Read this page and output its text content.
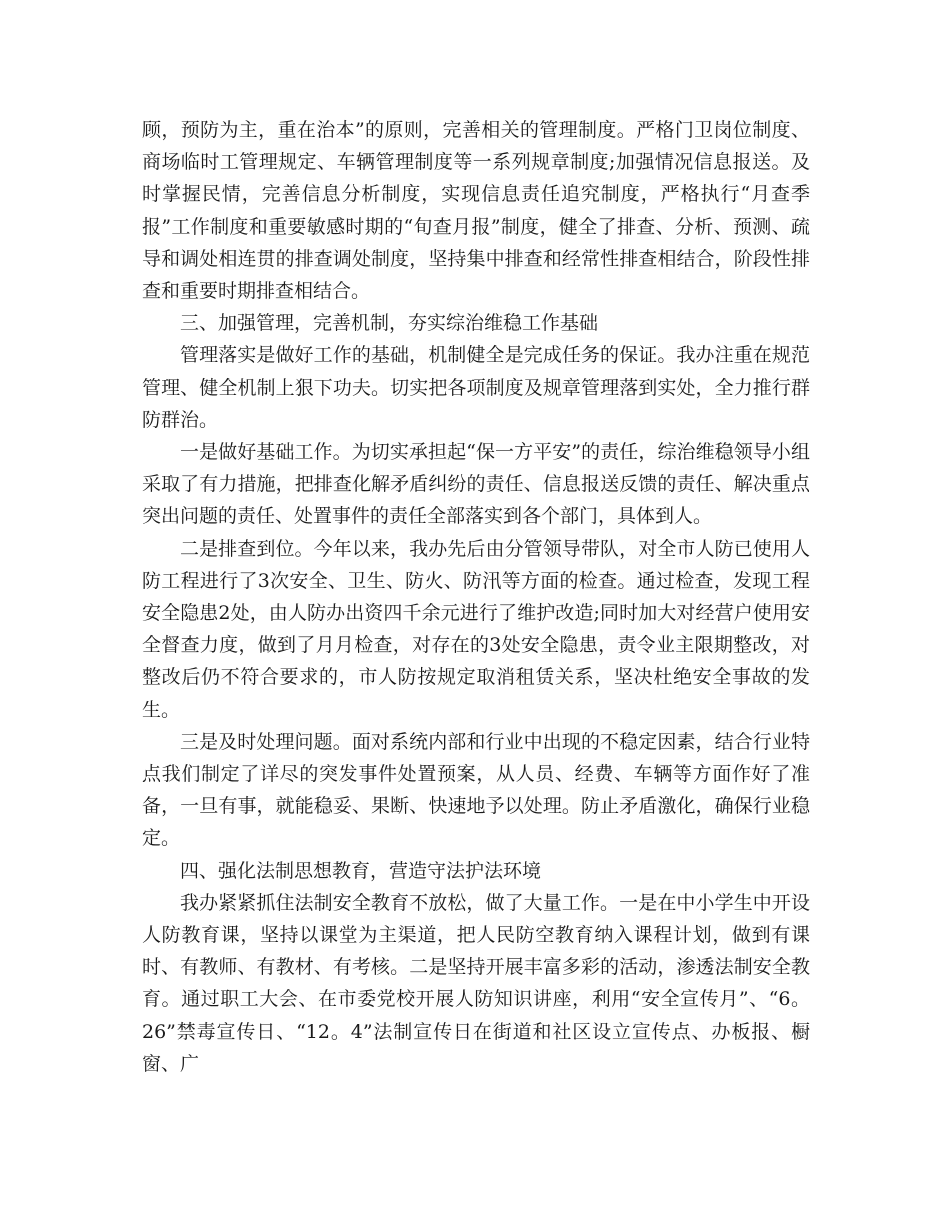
顾，预防为主，重在治本”的原则，完善相关的管理制度。严格门卫岗位制度、商场临时工管理规定、车辆管理制度等一系列规章制度;加强情况信息报送。及时掌握民情，完善信息分析制度，实现信息责任追究制度，严格执行“月查季报”工作制度和重要敏感时期的“旬查月报”制度，健全了排查、分析、预测、疏导和调处相连贯的排查调处制度，坚持集中排查和经常性排查相结合，阶段性排查和重要时期排查相结合。

三、加强管理，完善机制，夯实综治维稳工作基础

管理落实是做好工作的基础，机制健全是完成任务的保证。我办注重在规范管理、健全机制上狠下功夫。切实把各项制度及规章管理落到实处，全力推行群防群治。

一是做好基础工作。为切实承担起“保一方平安”的责任，综治维稳领导小组采取了有力措施，把排查化解矛盾纠纷的责任、信息报送反馈的责任、解决重点突出问题的责任、处置事件的责任全部落实到各个部门，具体到人。

二是排查到位。今年以来，我办先后由分管领导带队，对全市人防已使用人防工程进行了3次安全、卫生、防火、防汛等方面的检查。通过检查，发现工程安全隐患2处，由人防办出资四千余元进行了维护改造;同时加大对经营户使用安全督查力度，做到了月月检查，对存在的3处安全隐患，责令业主限期整改，对整改后仍不符合要求的，市人防按规定取消租赁关系，坚决杜绝安全事故的发生。

三是及时处理问题。面对系统内部和行业中出现的不稳定因素，结合行业特点我们制定了详尽的突发事件处置预案，从人员、经费、车辆等方面作好了准备，一旦有事，就能稳妥、果断、快速地予以处理。防止矛盾激化，确保行业稳定。

四、强化法制思想教育，营造守法护法环境

我办紧紧抓住法制安全教育不放松，做了大量工作。一是在中小学生中开设人防教育课，坚持以课堂为主渠道，把人民防空教育纳入课程计划，做到有课时、有教师、有教材、有考核。二是坚持开展丰富多彩的活动，渗透法制安全教育。通过职工大会、在市委党校开展人防知识讲座，利用“安全宣传月”、“6。26”禁毒宣传日、“12。4”法制宣传日在街道和社区设立宣传点、办板报、橱窗、广
